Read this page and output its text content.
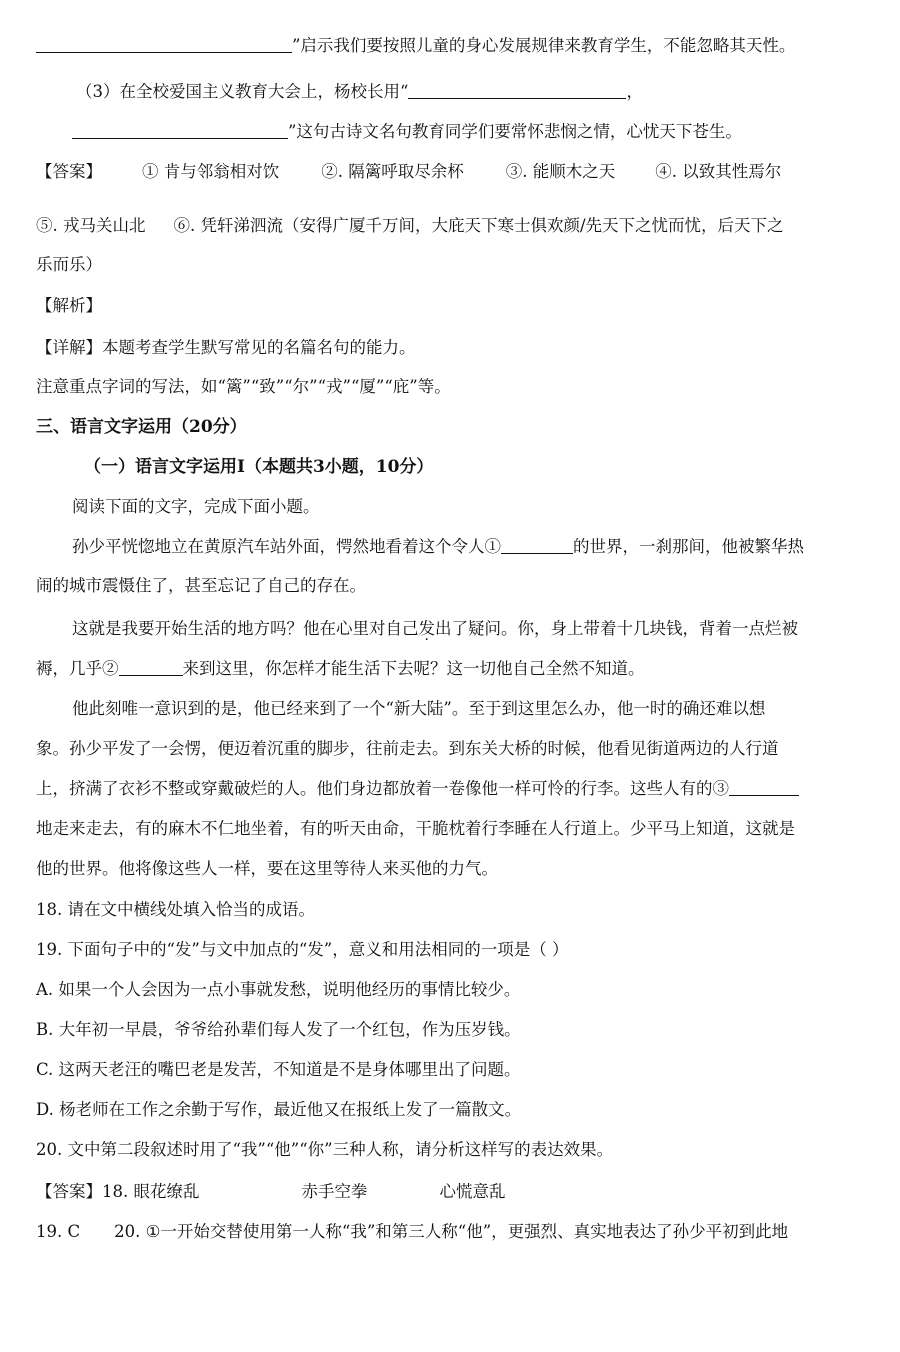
”启示我们要按照儿童的身心发展规律来教育学生，不能忽略其天性。
（3）在全校爱国主义教育大会上，杨校长用“	，
”这句古诗文名句教育同学们要常怀悲悯之情，心忧天下苍生。
【答案】 ① 肯与邻翁相对饮	②. 隔篱呼取尽余杯	③. 能顺木之天 ④. 以致其性焉尔
⑤. 戎马关山北 ⑥. 凭轩涕泗流（安得广厦千万间，大庇天下寒士俱欢颜/先天下之忧而忧，后天下之
乐而乐）
【解析】
【详解】本题考查学生默写常见的名篇名句的能力。
注意重点字词的写法，如“篱”“致”“尔”“戎”“厦”“庇”等。
三、语言文字运用（20分）
（一）语言文字运用Ⅰ（本题共3小题，10分）
阅读下面的文字，完成下面小题。
孙少平恍惚地立在黄原汽车站外面，愕然地看着这个令人①	的世界，一刹那间，他被繁华热
闹的城市震慑住了，甚至忘记了自己的存在。
这就是我要开始生活的地方吗？他在心里对自己发出了疑问。你，身上带着十几块钱，背着一点烂被
褥，几乎②	来到这里，你怎样才能生活下去呢？这一切他自己全然不知道。
他此刻唯一意识到的是，他已经来到了一个“新大陆”。至于到这里怎么办，他一时的确还难以想
象。孙少平发了一会愣，便迈着沉重的脚步，往前走去。到东关大桥的时候，他看见街道两边的人行道
上，挤满了衣衫不整或穿戴破烂的人。他们身边都放着一卷像他一样可怜的行李。这些人有的③
地走来走去，有的麻木不仁地坐着，有的听天由命，干脆枕着行李睡在人行道上。少平马上知道，这就是
他的世界。他将像这些人一样，要在这里等待人来买他的力气。
18. 请在文中横线处填入恰当的成语。
19. 下面句子中的“发”与文中加点的“发”，意义和用法相同的一项是（ ）
A. 如果一个人会因为一点小事就发愁，说明他经历的事情比较少。
B. 大年初一早晨，爷爷给孙辈们每人发了一个红包，作为压岁钱。
C. 这两天老汪的嘴巴老是发苦，不知道是不是身体哪里出了问题。
D. 杨老师在工作之余勤于写作，最近他又在报纸上发了一篇散文。
20. 文中第二段叙述时用了“我”“他”“你”三种人称，请分析这样写的表达效果。
【答案】18. 眼花缭乱	赤手空拳	心慌意乱
19. C 20. ①一开始交替使用第一人称“我”和第三人称“他”，更强烈、真实地表达了孙少平初到此地
